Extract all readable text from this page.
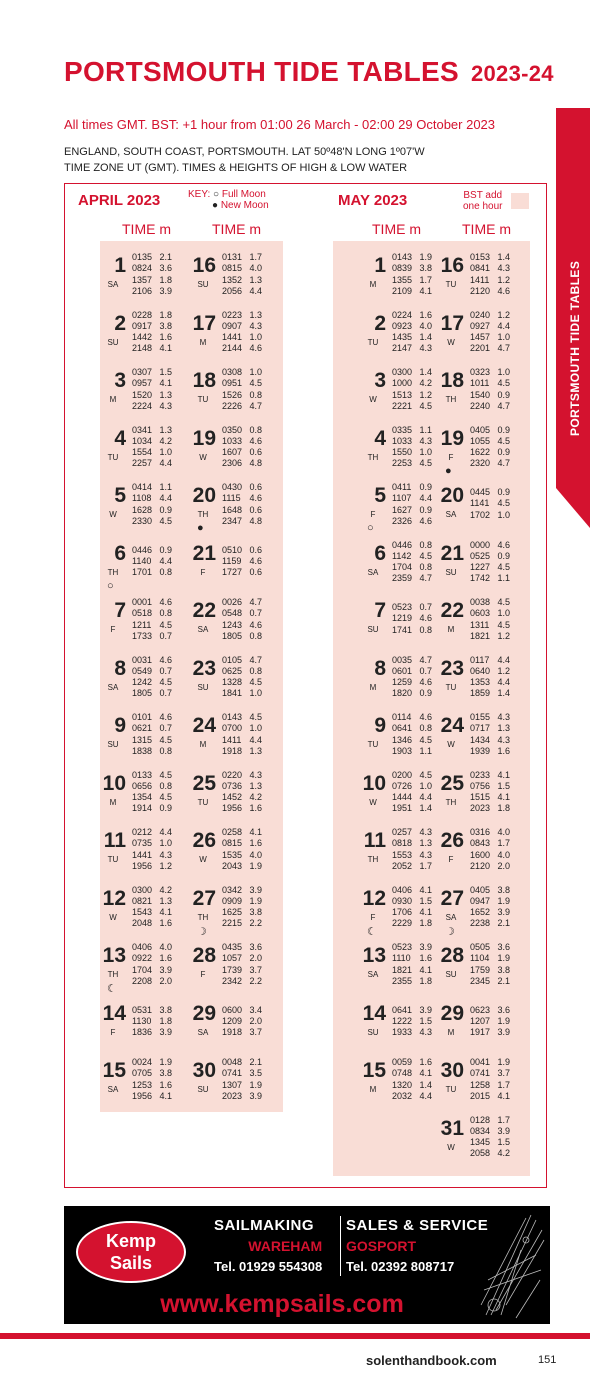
PORTSMOUTH TIDE TABLES 2023-24
All times GMT. BST: +1 hour from 01:00 26 March - 02:00 29 October 2023
ENGLAND, SOUTH COAST, PORTSMOUTH. LAT 50º48'N LONG 1º07'W
TIME ZONE UT (GMT). TIMES & HEIGHTS OF HIGH & LOW WATER
PORTSMOUTH TIDE TABLES
APRIL 2023	KEY: ○ Full Moon
● New Moon	MAY 2023	BST add
one hour
TIME m	TIME m	TIME m	TIME m
1
SA
0135 2.1
0824 3.6
1357 1.8
2106 3.9
2
SU
0228 1.8
0917 3.8
1442 1.6
2148 4.1
3
M
0307 1.5
0957 4.1
1520 1.3
2224 4.3
4
TU
0341 1.3
1034 4.2
1554 1.0
2257 4.4
5
W
0414 1.1
1108 4.4
1628 0.9
2330 4.5
6
TH
○
0446 0.9
1140 4.4
1701 0.8
7
F
0001 4.6
0518 0.8
1211 4.5
1733 0.7
8
SA
0031 4.6
0549 0.7
1242 4.5
1805 0.7
9
SU
0101 4.6
0621 0.7
1315 4.5
1838 0.8
10
M
0133 4.5
0656 0.8
1354 4.5
1914 0.9
11
TU
0212 4.4
0735 1.0
1441 4.3
1956 1.2
12
W
0300 4.2
0821 1.3
1543 4.1
2048 1.6
13
TH
☾
0406 4.0
0922 1.6
1704 3.9
2208 2.0
14
F
0531 3.8
1130 1.8
1836 3.9
15
SA
0024 1.9
0705 3.8
1253 1.6
1956 4.1
16
SU
0131 1.7
0815 4.0
1352 1.3
2056 4.4
17
M
0223 1.3
0907 4.3
1441 1.0
2144 4.6
18
TU
0308 1.0
0951 4.5
1526 0.8
2226 4.7
19
W
0350 0.8
1033 4.6
1607 0.6
2306 4.8
20
TH
●
0430 0.6
1115 4.6
1648 0.6
2347 4.8
21
F
0510 0.6
1159 4.6
1727 0.6
22
SA
0026 4.7
0548 0.7
1243 4.6
1805 0.8
23
SU
0105 4.7
0625 0.8
1328 4.5
1841 1.0
24
M
0143 4.5
0700 1.0
1411 4.4
1918 1.3
25
TU
0220 4.3
0736 1.3
1452 4.2
1956 1.6
26
W
0258 4.1
0815 1.6
1535 4.0
2043 1.9
27
TH
☽
0342 3.9
0909 1.9
1625 3.8
2215 2.2
28
F
0435 3.6
1057 2.0
1739 3.7
2342 2.2
29
SA
0600 3.4
1209 2.0
1918 3.7
30
SU
0048 2.1
0741 3.5
1307 1.9
2023 3.9
1
M
0143 1.9
0839 3.8
1355 1.7
2109 4.1
2
TU
0224 1.6
0923 4.0
1435 1.4
2147 4.3
3
W
0300 1.4
1000 4.2
1513 1.2
2221 4.5
4
TH
0335 1.1
1033 4.3
1550 1.0
2253 4.5
5
F
○
0411 0.9
1107 4.4
1627 0.9
2326 4.6
6
SA
0446 0.8
1142 4.5
1704 0.8
2359 4.7
7
SU
0523 0.7
1219 4.6
1741 0.8
8
M
0035 4.7
0601 0.7
1259 4.6
1820 0.9
9
TU
0114 4.6
0641 0.8
1346 4.5
1903 1.1
10
W
0200 4.5
0726 1.0
1444 4.4
1951 1.4
11
TH
0257 4.3
0818 1.3
1553 4.3
2052 1.7
12
F
☾
0406 4.1
0930 1.5
1706 4.1
2229 1.8
13
SA
0523 3.9
1110 1.6
1821 4.1
2355 1.8
14
SU
0641 3.9
1222 1.5
1933 4.3
15
M
0059 1.6
0748 4.1
1320 1.4
2032 4.4
16
TU
0153 1.4
0841 4.3
1411 1.2
2120 4.6
17
W
0240 1.2
0927 4.4
1457 1.0
2201 4.7
18
TH
0323 1.0
1011 4.5
1540 0.9
2240 4.7
19
F
●
0405 0.9
1055 4.5
1622 0.9
2320 4.7
20
SA
0445 0.9
1141 4.5
1702 1.0
21
SU
0000 4.6
0525 0.9
1227 4.5
1742 1.1
22
M
0038 4.5
0603 1.0
1311 4.5
1821 1.2
23
TU
0117 4.4
0640 1.2
1353 4.4
1859 1.4
24
W
0155 4.3
0717 1.3
1434 4.3
1939 1.6
25
TH
0233 4.1
0756 1.5
1515 4.1
2023 1.8
26
F
0316 4.0
0843 1.7
1600 4.0
2120 2.0
27
SA
☽
0405 3.8
0947 1.9
1652 3.9
2238 2.1
28
SU
0505 3.6
1104 1.9
1759 3.8
2345 2.1
29
M
0623 3.6
1207 1.9
1917 3.9
30
TU
0041 1.9
0741 3.7
1258 1.7
2015 4.1
31
W
0128 1.7
0834 3.9
1345 1.5
2058 4.2
Kemp
Sails
SAILMAKING
WAREHAM
Tel. 01929 554308
SALES & SERVICE
GOSPORT
Tel. 02392 808717
www.kempsails.com
solenthandbook.com	151
